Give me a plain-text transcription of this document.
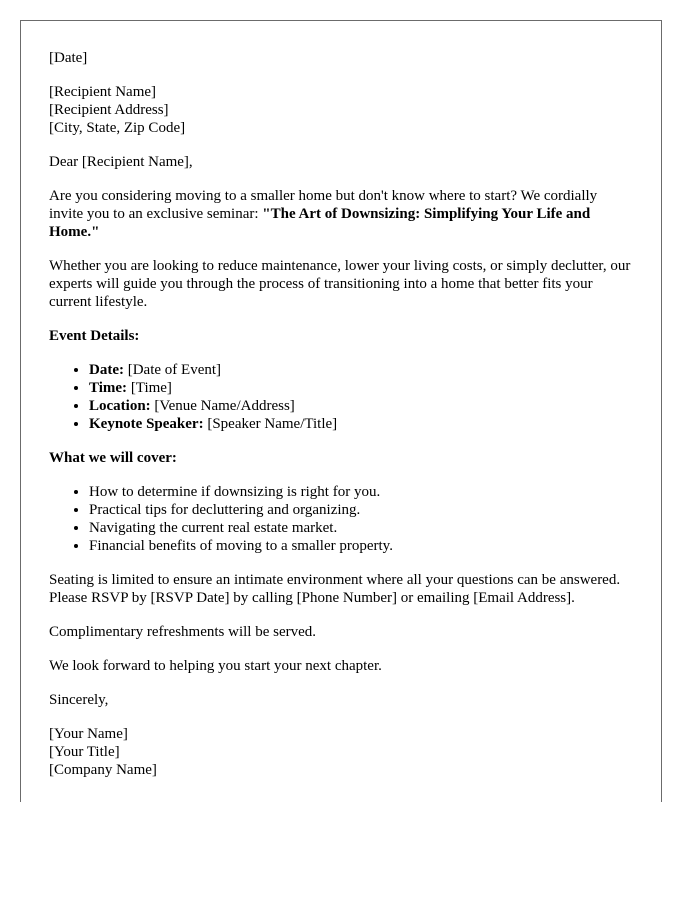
[Date]

[Recipient Name]

[Recipient Address]

[City, State, Zip Code]

Dear [Recipient Name],

Are you considering moving to a smaller home but don't know where to start? We cordially invite you to an exclusive seminar: "The Art of Downsizing: Simplifying Your Life and Home."

Whether you are looking to reduce maintenance, lower your living costs, or simply declutter, our experts will guide you through the process of transitioning into a home that better fits your current lifestyle.

Event Details:
• Date: [Date of Event]
• Time: [Time]
• Location: [Venue Name/Address]
• Keynote Speaker: [Speaker Name/Title]
What we will cover:
• How to determine if downsizing is right for you.
• Practical tips for decluttering and organizing.
• Navigating the current real estate market.
• Financial benefits of moving to a smaller property.

Seating is limited to ensure an intimate environment where all your questions can be answered. Please RSVP by [RSVP Date] by calling [Phone Number] or emailing [Email Address].

Complimentary refreshments will be served.

We look forward to helping you start your next chapter.

Sincerely,

[Your Name]

[Your Title]

[Company Name]
